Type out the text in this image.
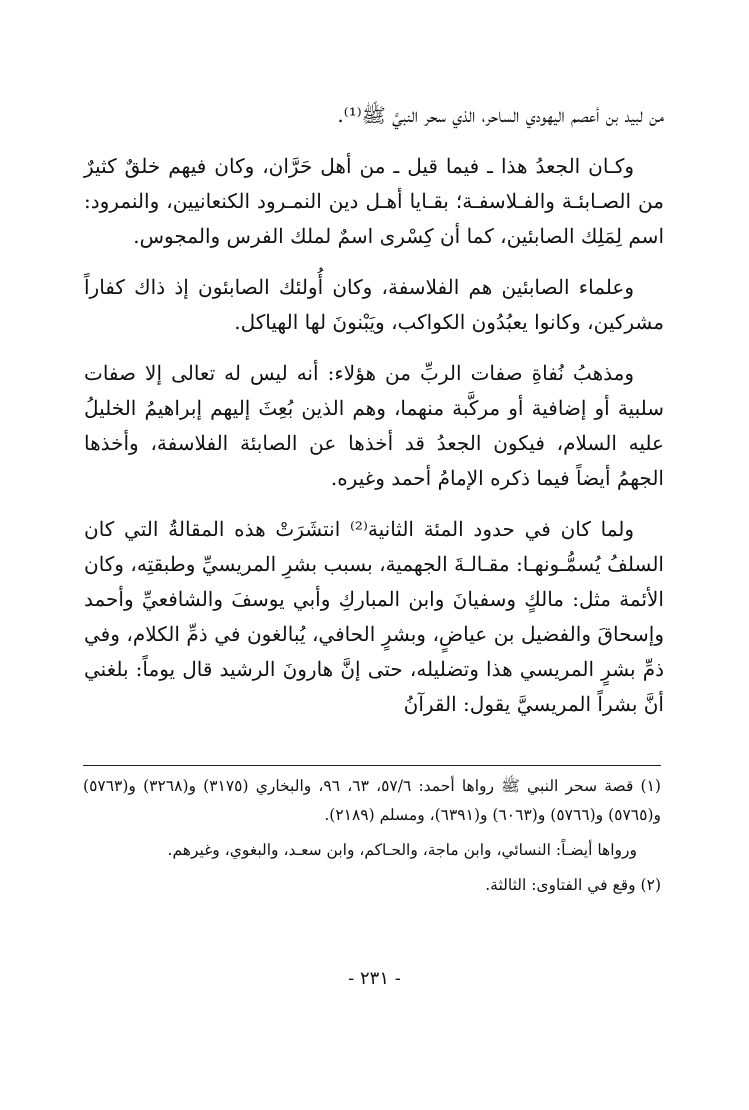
من لبيد بن أعصم اليهودي الساحر، الذي سحر النبيَّ ﷺ⁽¹⁾.

وكـان الجعدُ هذا ـ فيما قيل ـ من أهل حَرَّان، وكان فيهم خلقٌ كثيرٌ من الصـابئـة والفـلاسفـة؛ بقـايا أهـل دين النمـرود الكنعانيين، والنمرود: اسم لِمَلِك الصابئين، كما أن كِسْرى اسمٌ لملك الفرس والمجوس.

وعلماء الصابئين هم الفلاسفة، وكان أُولئك الصابئون إذ ذاك كفاراً مشركين، وكانوا يعبُدُون الكواكب، ويَبْنونَ لها الهياكل.

ومذهبُ نُفاةِ صفات الربِّ من هؤلاء: أنه ليس له تعالى إلا صفات سلبية أو إضافية أو مركَّبة منهما، وهم الذين بُعِثَ إليهم إبراهيمُ الخليلُ عليه السلام، فيكون الجعدُ قد أخذها عن الصابئة الفلاسفة، وأخذها الجهمُ أيضاً فيما ذكره الإمامُ أحمد وغيره.

ولما كان في حدود المئة الثانية⁽²⁾ انتشَرَتْ هذه المقالةُ التي كان السلفُ يُسمُّـونهـا: مقـالـةَ الجهمية، بسبب بشرِ المريسيِّ وطبقتِه، وكان الأئمة مثل: مالكٍ وسفيانَ وابن المباركِ وأبي يوسفَ والشافعيِّ وأحمد وإسحاقَ والفضيل بن عياضٍ، وبشرٍ الحافي، يُبالغون في ذمِّ الكلام، وفي ذمِّ بشرٍ المريسي هذا وتضليله، حتى إنَّ هارونَ الرشيد قال يوماً: بلغني أنَّ بشراً المريسيَّ يقول: القرآنُ

(١) قصة سحر النبي ﷺ رواها أحمد: ٥٧/٦، ٦٣، ٩٦، والبخاري (٣١٧٥) و(٣٢٦٨) و(٥٧٦٣) و(٥٧٦٥) و(٥٧٦٦) و(٦٠٦٣) و(٦٣٩١)، ومسلم (٢١٨٩).

ورواها أيضـاً: النسائي، وابن ماجة، والحـاكم، وابن سعـد، والبغوي، وغيرهم.

(٢) وقع في الفتاوى: الثالثة.

- ٢٣١ -
